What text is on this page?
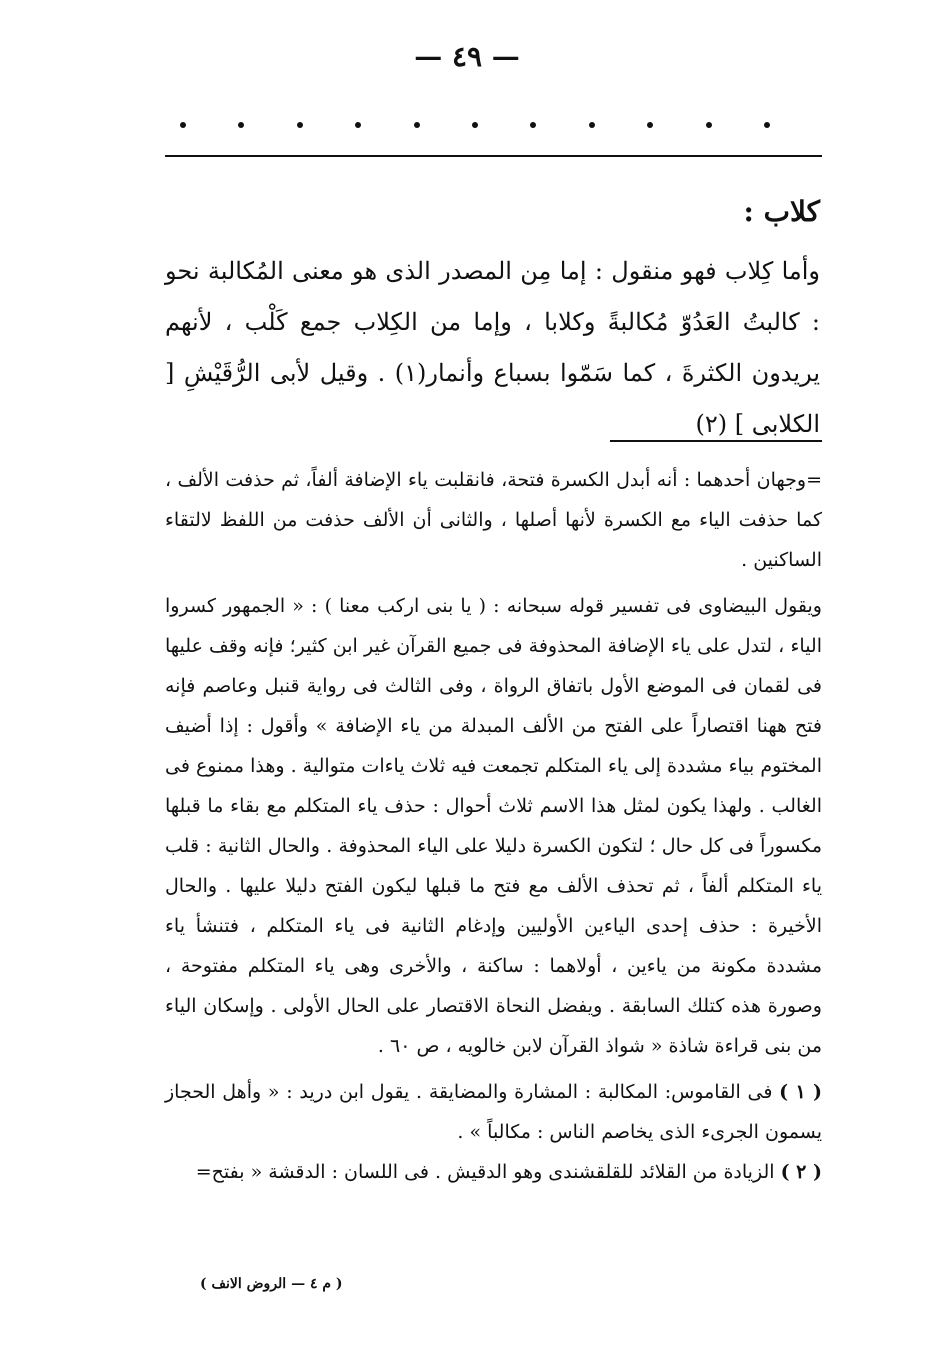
— ٤٩ —
كلاب :

وأما كِلاب فهو منقول : إما مِن المصدر الذى هو معنى المُكالبة نحو : كالبتُ العَدُوّ مُكالبةً وكلابا ، وإما من الكِلاب جمع كَلْب ، لأنهم يريدون الكثرةَ ، كما سَمّوا بسباع وأنمار(١) . وقيل لأبى الرُّقَيْشِ [ الكلابى ] (٢)

=وجهان أحدهما : أنه أبدل الكسرة فتحة، فانقلبت ياء الإضافة ألفاً، ثم حذفت الألف ، كما حذفت الياء مع الكسرة لأنها أصلها ، والثانى أن الألف حذفت من اللفظ لالتقاء الساكنين .

ويقول البيضاوى فى تفسير قوله سبحانه : ( يا بنى اركب معنا ) : « الجمهور كسروا الياء ، لتدل على ياء الإضافة المحذوفة فى جميع القرآن غير ابن كثير؛ فإنه وقف عليها فى لقمان فى الموضع الأول باتفاق الرواة ، وفى الثالث فى رواية قنبل وعاصم فإنه فتح ههنا اقتصاراً على الفتح من الألف المبدلة من ياء الإضافة » وأقول : إذا أضيف المختوم بياء مشددة إلى ياء المتكلم تجمعت فيه ثلاث ياءات متوالية . وهذا ممنوع فى الغالب . ولهذا يكون لمثل هذا الاسم ثلاث أحوال : حذف ياء المتكلم مع بقاء ما قبلها مكسوراً فى كل حال ؛ لتكون الكسرة دليلا على الياء المحذوفة . والحال الثانية : قلب ياء المتكلم ألفاً ، ثم تحذف الألف مع فتح ما قبلها ليكون الفتح دليلا عليها . والحال الأخيرة : حذف إحدى الياءين الأوليين وإدغام الثانية فى ياء المتكلم ، فتنشأ ياء مشددة مكونة من ياءين ، أولاهما : ساكنة ، والأخرى وهى ياء المتكلم مفتوحة ، وصورة هذه كتلك السابقة . ويفضل النحاة الاقتصار على الحال الأولى . وإسكان الياء من بنى قراءة شاذة « شواذ القرآن لابن خالويه ، ص ٦٠ .

( ١ ) فى القاموس: المكالبة : المشارة والمضايقة . يقول ابن دريد : « وأهل الحجاز يسمون الجرىء الذى يخاصم الناس : مكالباً » .

( ٢ ) الزيادة من القلائد للقلقشندى وهو الدقيش . فى اللسان : الدقشة « بفتح=

( م ٤ — الروض الانف )
